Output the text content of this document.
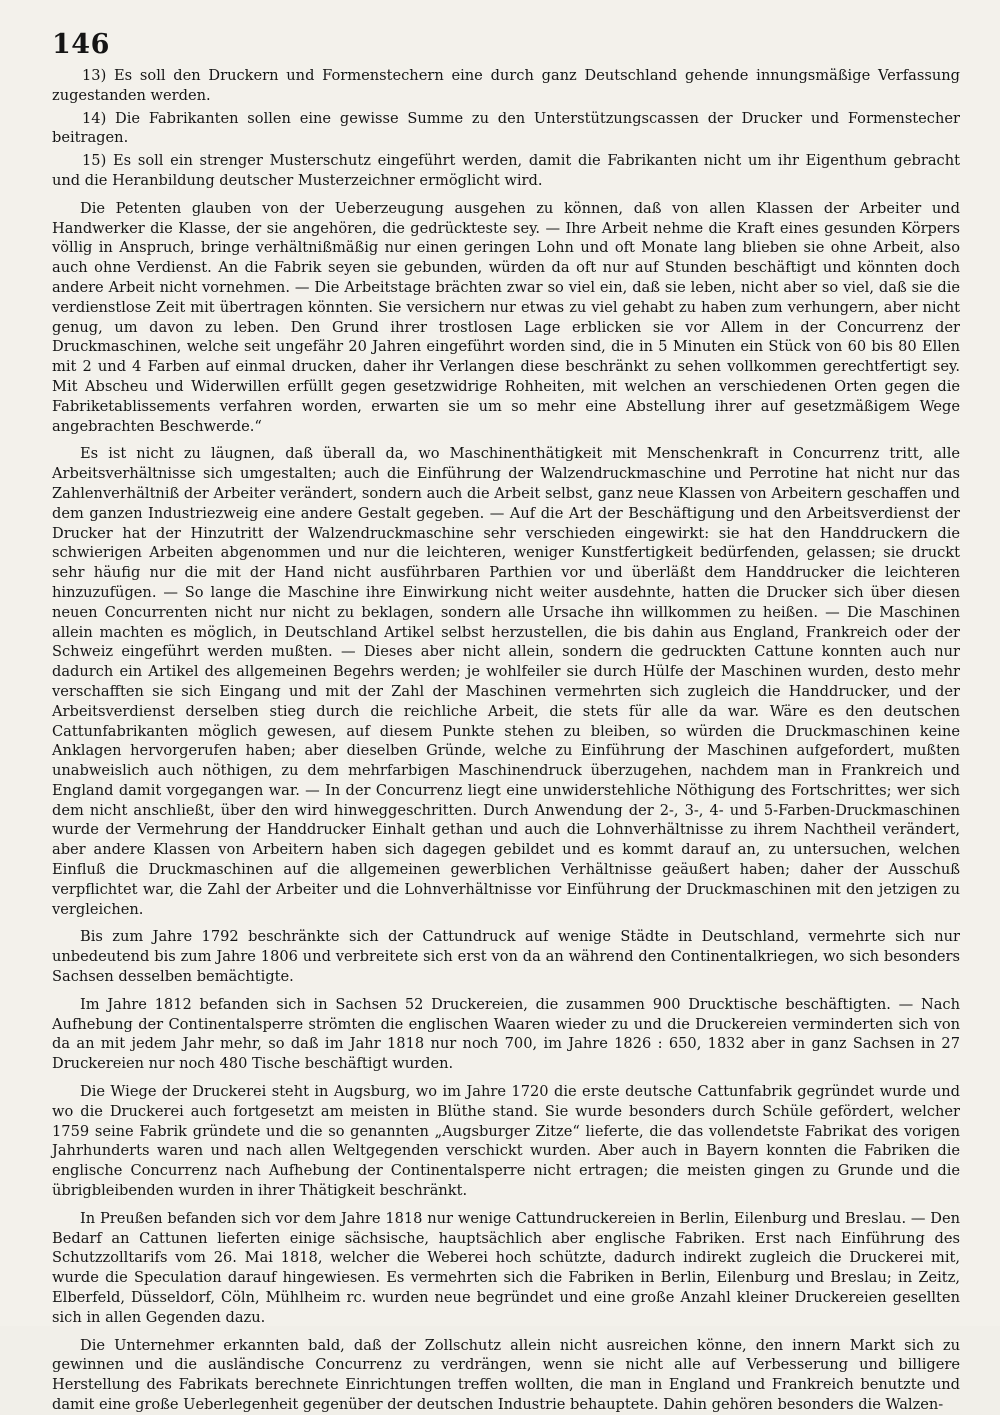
146

13) Es soll den Druckern und Formenstechern eine durch ganz Deutschland gehende innungsmäßige Verfassung zugestanden werden.

14) Die Fabrikanten sollen eine gewisse Summe zu den Unterstützungscassen der Drucker und Formenstecher beitragen.

15) Es soll ein strenger Musterschutz eingeführt werden, damit die Fabrikanten nicht um ihr Eigenthum gebracht und die Heranbildung deutscher Musterzeichner ermöglicht wird.

Die Petenten glauben von der Ueberzeugung ausgehen zu können, daß von allen Klassen der Arbeiter und Handwerker die Klasse, der sie angehören, die gedrückteste sey. — Ihre Arbeit nehme die Kraft eines gesunden Körpers völlig in Anspruch, bringe verhältnißmäßig nur einen geringen Lohn und oft Monate lang blieben sie ohne Arbeit, also auch ohne Verdienst. An die Fabrik seyen sie gebunden, würden da oft nur auf Stunden beschäftigt und könnten doch andere Arbeit nicht vornehmen. — Die Arbeitstage brächten zwar so viel ein, daß sie leben, nicht aber so viel, daß sie die verdienstlose Zeit mit übertragen könnten. Sie versichern nur etwas zu viel gehabt zu haben zum verhungern, aber nicht genug, um davon zu leben. Den Grund ihrer trostlosen Lage erblicken sie vor Allem in der Concurrenz der Druckmaschinen, welche seit ungefähr 20 Jahren eingeführt worden sind, die in 5 Minuten ein Stück von 60 bis 80 Ellen mit 2 und 4 Farben auf einmal drucken, daher ihr Verlangen diese beschränkt zu sehen vollkommen gerechtfertigt sey. Mit Abscheu und Widerwillen erfüllt gegen gesetzwidrige Rohheiten, mit welchen an verschiedenen Orten gegen die Fabriketablissements verfahren worden, erwarten sie um so mehr eine Abstellung ihrer auf gesetzmäßigem Wege angebrachten Beschwerde.“

Es ist nicht zu läugnen, daß überall da, wo Maschinenthätigkeit mit Menschenkraft in Concurrenz tritt, alle Arbeitsverhältnisse sich umgestalten; auch die Einführung der Walzendruckmaschine und Perrotine hat nicht nur das Zahlenverhältniß der Arbeiter verändert, sondern auch die Arbeit selbst, ganz neue Klassen von Arbeitern geschaffen und dem ganzen Industriezweig eine andere Gestalt gegeben. — Auf die Art der Beschäftigung und den Arbeitsverdienst der Drucker hat der Hinzutritt der Walzendruckmaschine sehr verschieden eingewirkt: sie hat den Handdruckern die schwierigen Arbeiten abgenommen und nur die leichteren, weniger Kunstfertigkeit bedürfenden, gelassen; sie druckt sehr häufig nur die mit der Hand nicht ausführbaren Parthien vor und überläßt dem Handdrucker die leichteren hinzuzufügen. — So lange die Maschine ihre Einwirkung nicht weiter ausdehnte, hatten die Drucker sich über diesen neuen Concurrenten nicht nur nicht zu beklagen, sondern alle Ursache ihn willkommen zu heißen. — Die Maschinen allein machten es möglich, in Deutschland Artikel selbst herzustellen, die bis dahin aus England, Frankreich oder der Schweiz eingeführt werden mußten. — Dieses aber nicht allein, sondern die gedruckten Cattune konnten auch nur dadurch ein Artikel des allgemeinen Begehrs werden; je wohlfeiler sie durch Hülfe der Maschinen wurden, desto mehr verschafften sie sich Eingang und mit der Zahl der Maschinen vermehrten sich zugleich die Handdrucker, und der Arbeitsverdienst derselben stieg durch die reichliche Arbeit, die stets für alle da war. Wäre es den deutschen Cattunfabrikanten möglich gewesen, auf diesem Punkte stehen zu bleiben, so würden die Druckmaschinen keine Anklagen hervorgerufen haben; aber dieselben Gründe, welche zu Einführung der Maschinen aufgefordert, mußten unabweislich auch nöthigen, zu dem mehrfarbigen Maschinendruck überzugehen, nachdem man in Frankreich und England damit vorgegangen war. — In der Concurrenz liegt eine unwiderstehliche Nöthigung des Fortschrittes; wer sich dem nicht anschließt, über den wird hinweggeschritten. Durch Anwendung der 2-, 3-, 4- und 5-Farben-Druckmaschinen wurde der Vermehrung der Handdrucker Einhalt gethan und auch die Lohnverhältnisse zu ihrem Nachtheil verändert, aber andere Klassen von Arbeitern haben sich dagegen gebildet und es kommt darauf an, zu untersuchen, welchen Einfluß die Druckmaschinen auf die allgemeinen gewerblichen Verhältnisse geäußert haben; daher der Ausschuß verpflichtet war, die Zahl der Arbeiter und die Lohnverhältnisse vor Einführung der Druckmaschinen mit den jetzigen zu vergleichen.

Bis zum Jahre 1792 beschränkte sich der Cattundruck auf wenige Städte in Deutschland, vermehrte sich nur unbedeutend bis zum Jahre 1806 und verbreitete sich erst von da an während den Continentalkriegen, wo sich besonders Sachsen desselben bemächtigte.

Im Jahre 1812 befanden sich in Sachsen 52 Druckereien, die zusammen 900 Drucktische beschäftigten. — Nach Aufhebung der Continentalsperre strömten die englischen Waaren wieder zu und die Druckereien verminderten sich von da an mit jedem Jahr mehr, so daß im Jahr 1818 nur noch 700, im Jahre 1826 : 650, 1832 aber in ganz Sachsen in 27 Druckereien nur noch 480 Tische beschäftigt wurden.

Die Wiege der Druckerei steht in Augsburg, wo im Jahre 1720 die erste deutsche Cattunfabrik gegründet wurde und wo die Druckerei auch fortgesetzt am meisten in Blüthe stand. Sie wurde besonders durch Schüle gefördert, welcher 1759 seine Fabrik gründete und die so genannten „Augsburger Zitze“ lieferte, die das vollendetste Fabrikat des vorigen Jahrhunderts waren und nach allen Weltgegenden verschickt wurden. Aber auch in Bayern konnten die Fabriken die englische Concurrenz nach Aufhebung der Continentalsperre nicht ertragen; die meisten gingen zu Grunde und die übrigbleibenden wurden in ihrer Thätigkeit beschränkt.

In Preußen befanden sich vor dem Jahre 1818 nur wenige Cattundruckereien in Berlin, Eilenburg und Breslau. — Den Bedarf an Cattunen lieferten einige sächsische, hauptsächlich aber englische Fabriken. Erst nach Einführung des Schutzzolltarifs vom 26. Mai 1818, welcher die Weberei hoch schützte, dadurch indirekt zugleich die Druckerei mit, wurde die Speculation darauf hingewiesen. Es vermehrten sich die Fabriken in Berlin, Eilenburg und Breslau; in Zeitz, Elberfeld, Düsseldorf, Cöln, Mühlheim rc. wurden neue begründet und eine große Anzahl kleiner Druckereien gesellten sich in allen Gegenden dazu.

Die Unternehmer erkannten bald, daß der Zollschutz allein nicht ausreichen könne, den innern Markt sich zu gewinnen und die ausländische Concurrenz zu verdrängen, wenn sie nicht alle auf Verbesserung und billigere Herstellung des Fabrikats berechnete Einrichtungen treffen wollten, die man in England und Frankreich benutzte und damit eine große Ueberlegenheit gegenüber der deutschen Industrie behauptete. Dahin gehören besonders die Walzen-
